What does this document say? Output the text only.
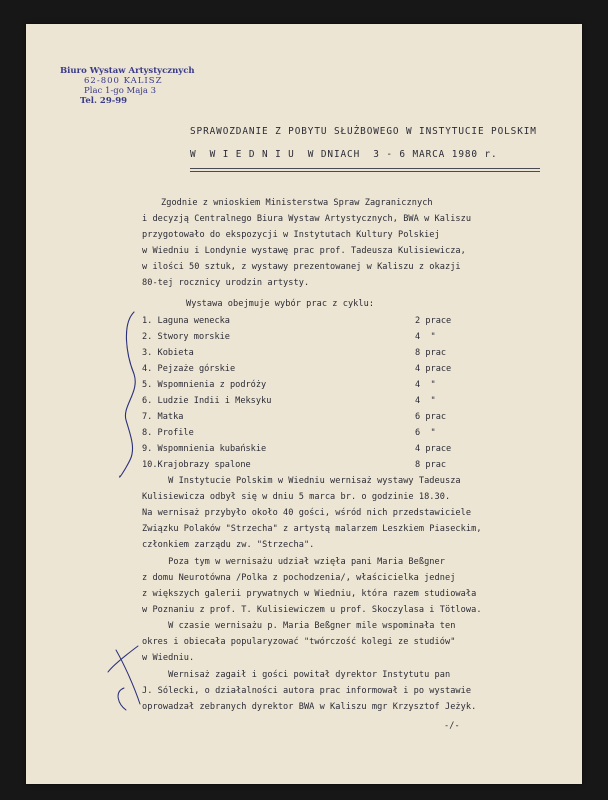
Biuro Wystaw Artystycznych
62-800 KALISZ
Plac 1-go Maja 3
Tel. 29-99
SPRAWOZDANIE Z POBYTU SŁUŻBOWEGO W INSTYTUCIE POLSKIM
W  W I E D N I U  W DNIACH  3 - 6 MARCA 1980 r.
Zgodnie z wnioskiem Ministerstwa Spraw Zagranicznych
i decyzją Centralnego Biura Wystaw Artystycznych, BWA w Kaliszu
przygotowało do ekspozycji w Instytutach Kultury Polskiej
w Wiedniu i Londynie wystawę prac prof. Tadeusza Kulisiewicza,
w ilości 50 sztuk, z wystawy prezentowanej w Kaliszu z okazji
80-tej rocznicy urodzin artysty.
Wystawa obejmuje wybór prac z cyklu:
1. Laguna wenecka	2 prace
2. Stwory morskie	4  "
3. Kobieta	8 prac
4. Pejzaże górskie	4 prace
5. Wspomnienia z podróży	4  "
6. Ludzie Indii i Meksyku	4  "
7. Matka	6 prac
8. Profile	6  "
9. Wspomnienia kubańskie	4 prace
10.Krajobrazy spalone	8 prac
W Instytucie Polskim w Wiedniu wernisaż wystawy Tadeusza
Kulisiewicza odbył się w dniu 5 marca br. o godzinie 18.30.
Na wernisaż przybyło około 40 gości, wśród nich przedstawiciele
Związku Polaków "Strzecha" z artystą malarzem Leszkiem Piaseckim,
członkiem zarządu zw. "Strzecha".
Poza tym w wernisażu udział wzięła pani Maria Beßgner
z domu Neurotówna /Polka z pochodzenia/, właścicielka jednej
z większych galerii prywatnych w Wiedniu, która razem studiowała
w Poznaniu z prof. T. Kulisiewiczem u prof. Skoczylasa i Tötlowa.
W czasie wernisażu p. Maria Beßgner mile wspominała ten
okres i obiecała popularyzować "twórczość kolegi ze studiów"
w Wiedniu.
Wernisaż zagaił i gości powitał dyrektor Instytutu pan
J. Sólecki, o działalności autora prac informował i po wystawie
oprowadzał zebranych dyrektor BWA w Kaliszu mgr Krzysztof Jeżyk.
-/-
